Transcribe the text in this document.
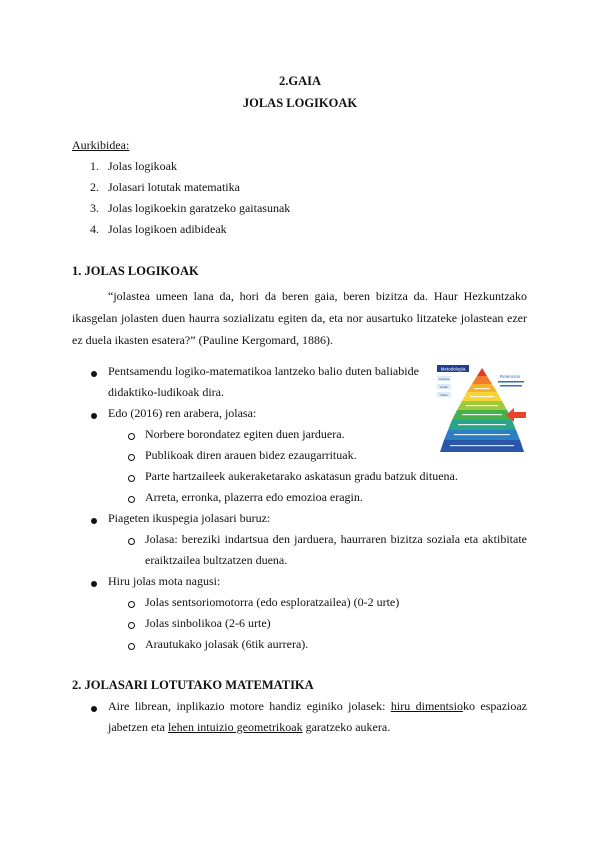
2.GAIA
JOLAS LOGIKOAK
Aurkibidea:
1. Jolas logikoak
2. Jolasari lotutak matematika
3. Jolas logikoekin garatzeko gaitasunak
4. Jolas logikoen adibideak
1. JOLAS LOGIKOAK
“jolastea umeen lana da, hori da beren gaia, beren bizitza da. Haur Hezkuntzako
ikasgelan jolasten duen haurra sozializatu egiten da, eta nor ausartuko litzateke jolastean ezer
ez duela ikasten esatera?” (Pauline Kergomard, 1886).
Pentsamendu logiko-matematikoa lantzeko balio duten baliabide
didaktiko-ludikoak dira.
Edo (2016) ren arabera, jolasa:
Norbere borondatez egiten duen jarduera.
Publikoak diren arauen bidez ezaugarrituak.
Parte hartzaileek aukeraketarako askatasun gradu batzuk dituena.
Arreta, erronka, plazerra edo emozioa eragin.
Piageten ikuspegia jolasari buruz:
Jolasa: bereziki indartsua den jarduera, haurraren bizitza soziala eta aktibitate
eraiktzailea bultzatzen duena.
Hiru jolas mota nagusi:
Jolas sentsoriomotorra (edo esploratzailea) (0-2 urte)
Jolas sinbolikoa (2-6 urte)
Arautukako jolasak (6tik aurrera).
Metodología
Lectura
Audio
Video
Retención
2. JOLASARI LOTUTAKO MATEMATIKA
Aire librean, inplikazio motore handiz eginiko jolasek: hiru dimentsioko espazioaz
jabetzen eta lehen intuizio geometrikoak garatzeko aukera.
